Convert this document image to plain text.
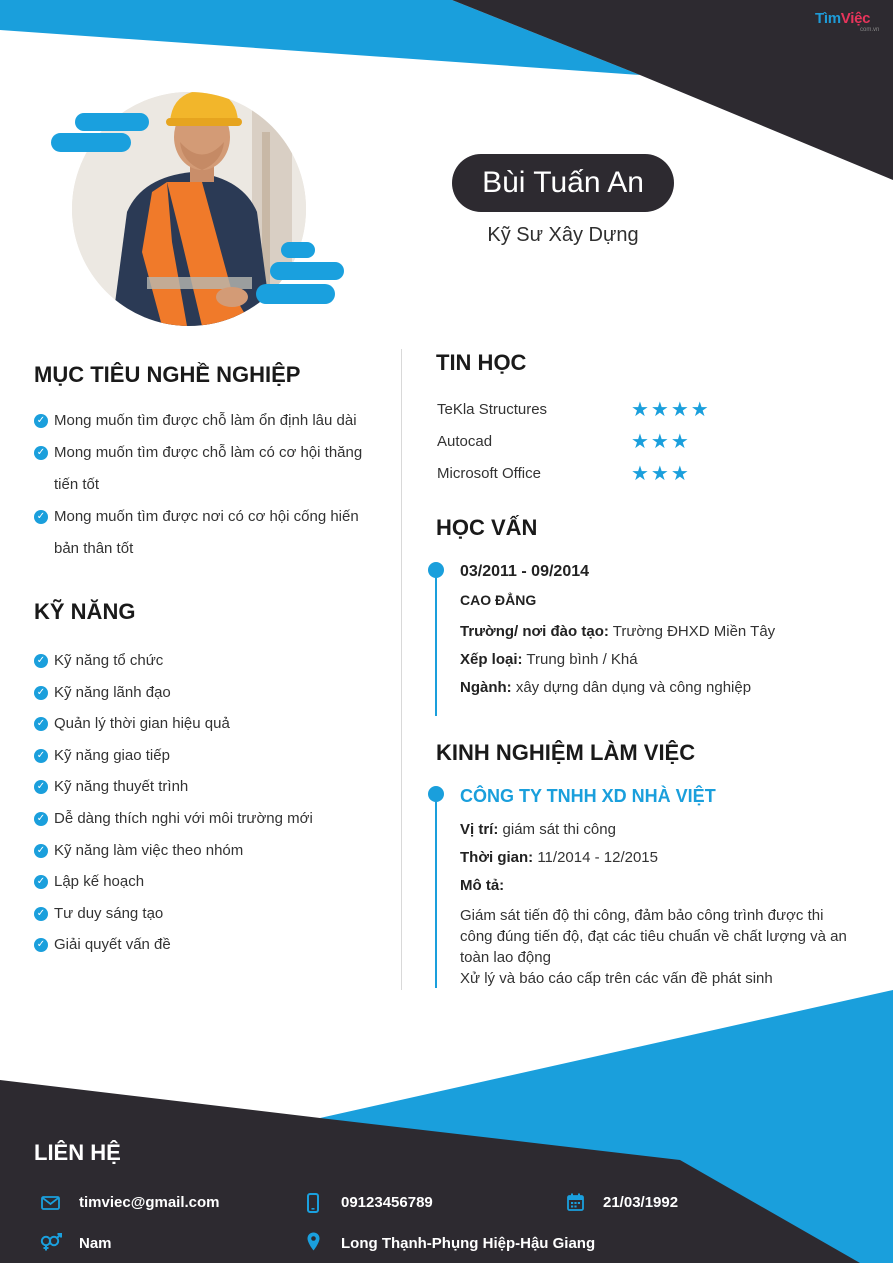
TìmViệc
com.vn
Bùi Tuấn An
Kỹ Sư Xây Dựng
MỤC TIÊU NGHỀ NGHIỆP
✓ Mong muốn tìm được chỗ làm ổn định lâu dài
✓ Mong muốn tìm được chỗ làm có cơ hội thăng tiến tốt
✓ Mong muốn tìm được nơi có cơ hội cống hiến bản thân tốt
KỸ NĂNG
✓ Kỹ năng tổ chức
✓ Kỹ năng lãnh đạo
✓ Quản lý thời gian hiệu quả
✓ Kỹ năng giao tiếp
✓ Kỹ năng thuyết trình
✓ Dễ dàng thích nghi với môi trường mới
✓ Kỹ năng làm việc theo nhóm
✓ Lập kế hoạch
✓ Tư duy sáng tạo
✓ Giải quyết vấn đề
TIN HỌC
TeKla Structures	★★★★
Autocad	★★★
Microsoft Office	★★★
HỌC VẤN
03/2011 - 09/2014
CAO ĐẲNG
Trường/ nơi đào tạo: Trường ĐHXD Miền Tây
Xếp loại: Trung bình / Khá
Ngành: xây dựng dân dụng và công nghiệp
KINH NGHIỆM LÀM VIỆC
CÔNG TY TNHH XD NHÀ VIỆT
Vị trí: giám sát thi công
Thời gian: 11/2014 - 12/2015
Mô tả:
Giám sát tiến độ thi công, đảm bảo công trình được thi công đúng tiến độ, đạt các tiêu chuẩn về chất lượng và an toàn lao động
Xử lý và báo cáo cấp trên các vấn đề phát sinh
LIÊN HỆ
timviec@gmail.com	09123456789	21/03/1992
Nam	Long Thạnh-Phụng Hiệp-Hậu Giang
